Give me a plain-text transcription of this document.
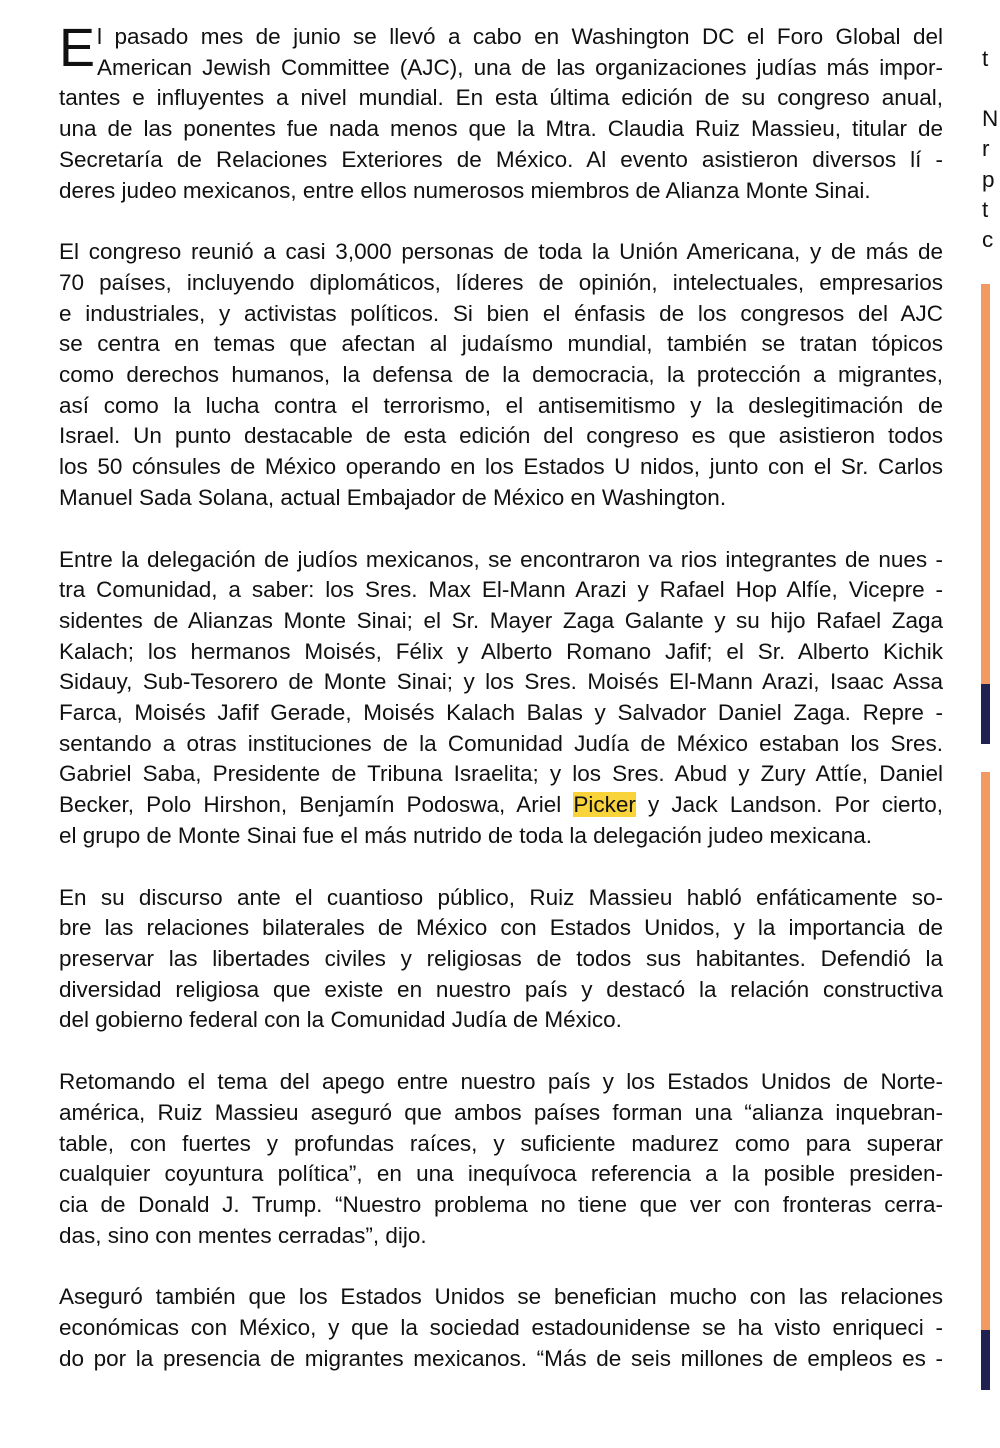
E l pasado mes de junio se llevó a cabo en Washington DC el Foro Global del
American Jewish Committee (AJC), una de las organizaciones judías más impor-
tantes e influyentes a nivel mundial. En esta última edición de su congreso anual,
una de las ponentes fue nada menos que la Mtra. Claudia Ruiz Massieu, titular de
Secretaría de Relaciones Exteriores de México. Al evento asistieron diversos lí -
deres judeo mexicanos, entre ellos numerosos miembros de Alianza Monte Sinai.
El congreso reunió a casi 3,000 personas de toda la Unión Americana, y de más de
70 países, incluyendo diplomáticos, líderes de opinión, intelectuales, empresarios
e industriales, y activistas políticos. Si bien el énfasis de los congresos del AJC
se centra en temas que afectan al judaísmo mundial, también se tratan tópicos
como derechos humanos, la defensa de la democracia, la protección a migrantes,
así como la lucha contra el terrorismo, el antisemitismo y la deslegitimación de
Israel. Un punto destacable de esta edición del congreso es que asistieron todos
los 50 cónsules de México operando en los Estados U nidos, junto con el Sr. Carlos
Manuel Sada Solana, actual Embajador de México en Washington.
Entre la delegación de judíos mexicanos, se encontraron va rios integrantes de nues -
tra Comunidad, a saber: los Sres. Max El-Mann Arazi y Rafael Hop Alfíe, Vicepre -
sidentes de Alianzas Monte Sinai; el Sr. Mayer Zaga Galante y su hijo Rafael Zaga
Kalach; los hermanos Moisés, Félix y Alberto Romano Jafif; el Sr. Alberto Kichik
Sidauy, Sub-Tesorero de Monte Sinai; y los Sres. Moisés El-Mann Arazi, Isaac Assa
Farca, Moisés Jafif Gerade, Moisés Kalach Balas y Salvador Daniel Zaga. Repre -
sentando a otras instituciones de la Comunidad Judía de México estaban los Sres.
Gabriel Saba, Presidente de Tribuna Israelita; y los Sres. Abud y Zury Attíe, Daniel
Becker, Polo Hirshon, Benjamín Podoswa, Ariel Picker y Jack Landson. Por cierto,
el grupo de Monte Sinai fue el más nutrido de toda la delegación judeo mexicana.
En su discurso ante el cuantioso público, Ruiz Massieu habló enfáticamente so-
bre las relaciones bilaterales de México con Estados Unidos, y la importancia de
preservar las libertades civiles y religiosas de todos sus habitantes. Defendió la
diversidad religiosa que existe en nuestro país y destacó la relación constructiva
del gobierno federal con la Comunidad Judía de México.
Retomando el tema del apego entre nuestro país y los Estados Unidos de Norte-
américa, Ruiz Massieu aseguró que ambos países forman una “alianza inquebran-
table, con fuertes y profundas raíces, y suficiente madurez como para superar
cualquier coyuntura política”, en una inequívoca referencia a la posible presiden-
cia de Donald J. Trump. “Nuestro problema no tiene que ver con fronteras cerra-
das, sino con mentes cerradas”, dijo.
Aseguró también que los Estados Unidos se benefician mucho con las relaciones
económicas con México, y que la sociedad estadounidense se ha visto enriqueci -
do por la presencia de migrantes mexicanos. “Más de seis millones de empleos es -
t
N
r
p
t
c
